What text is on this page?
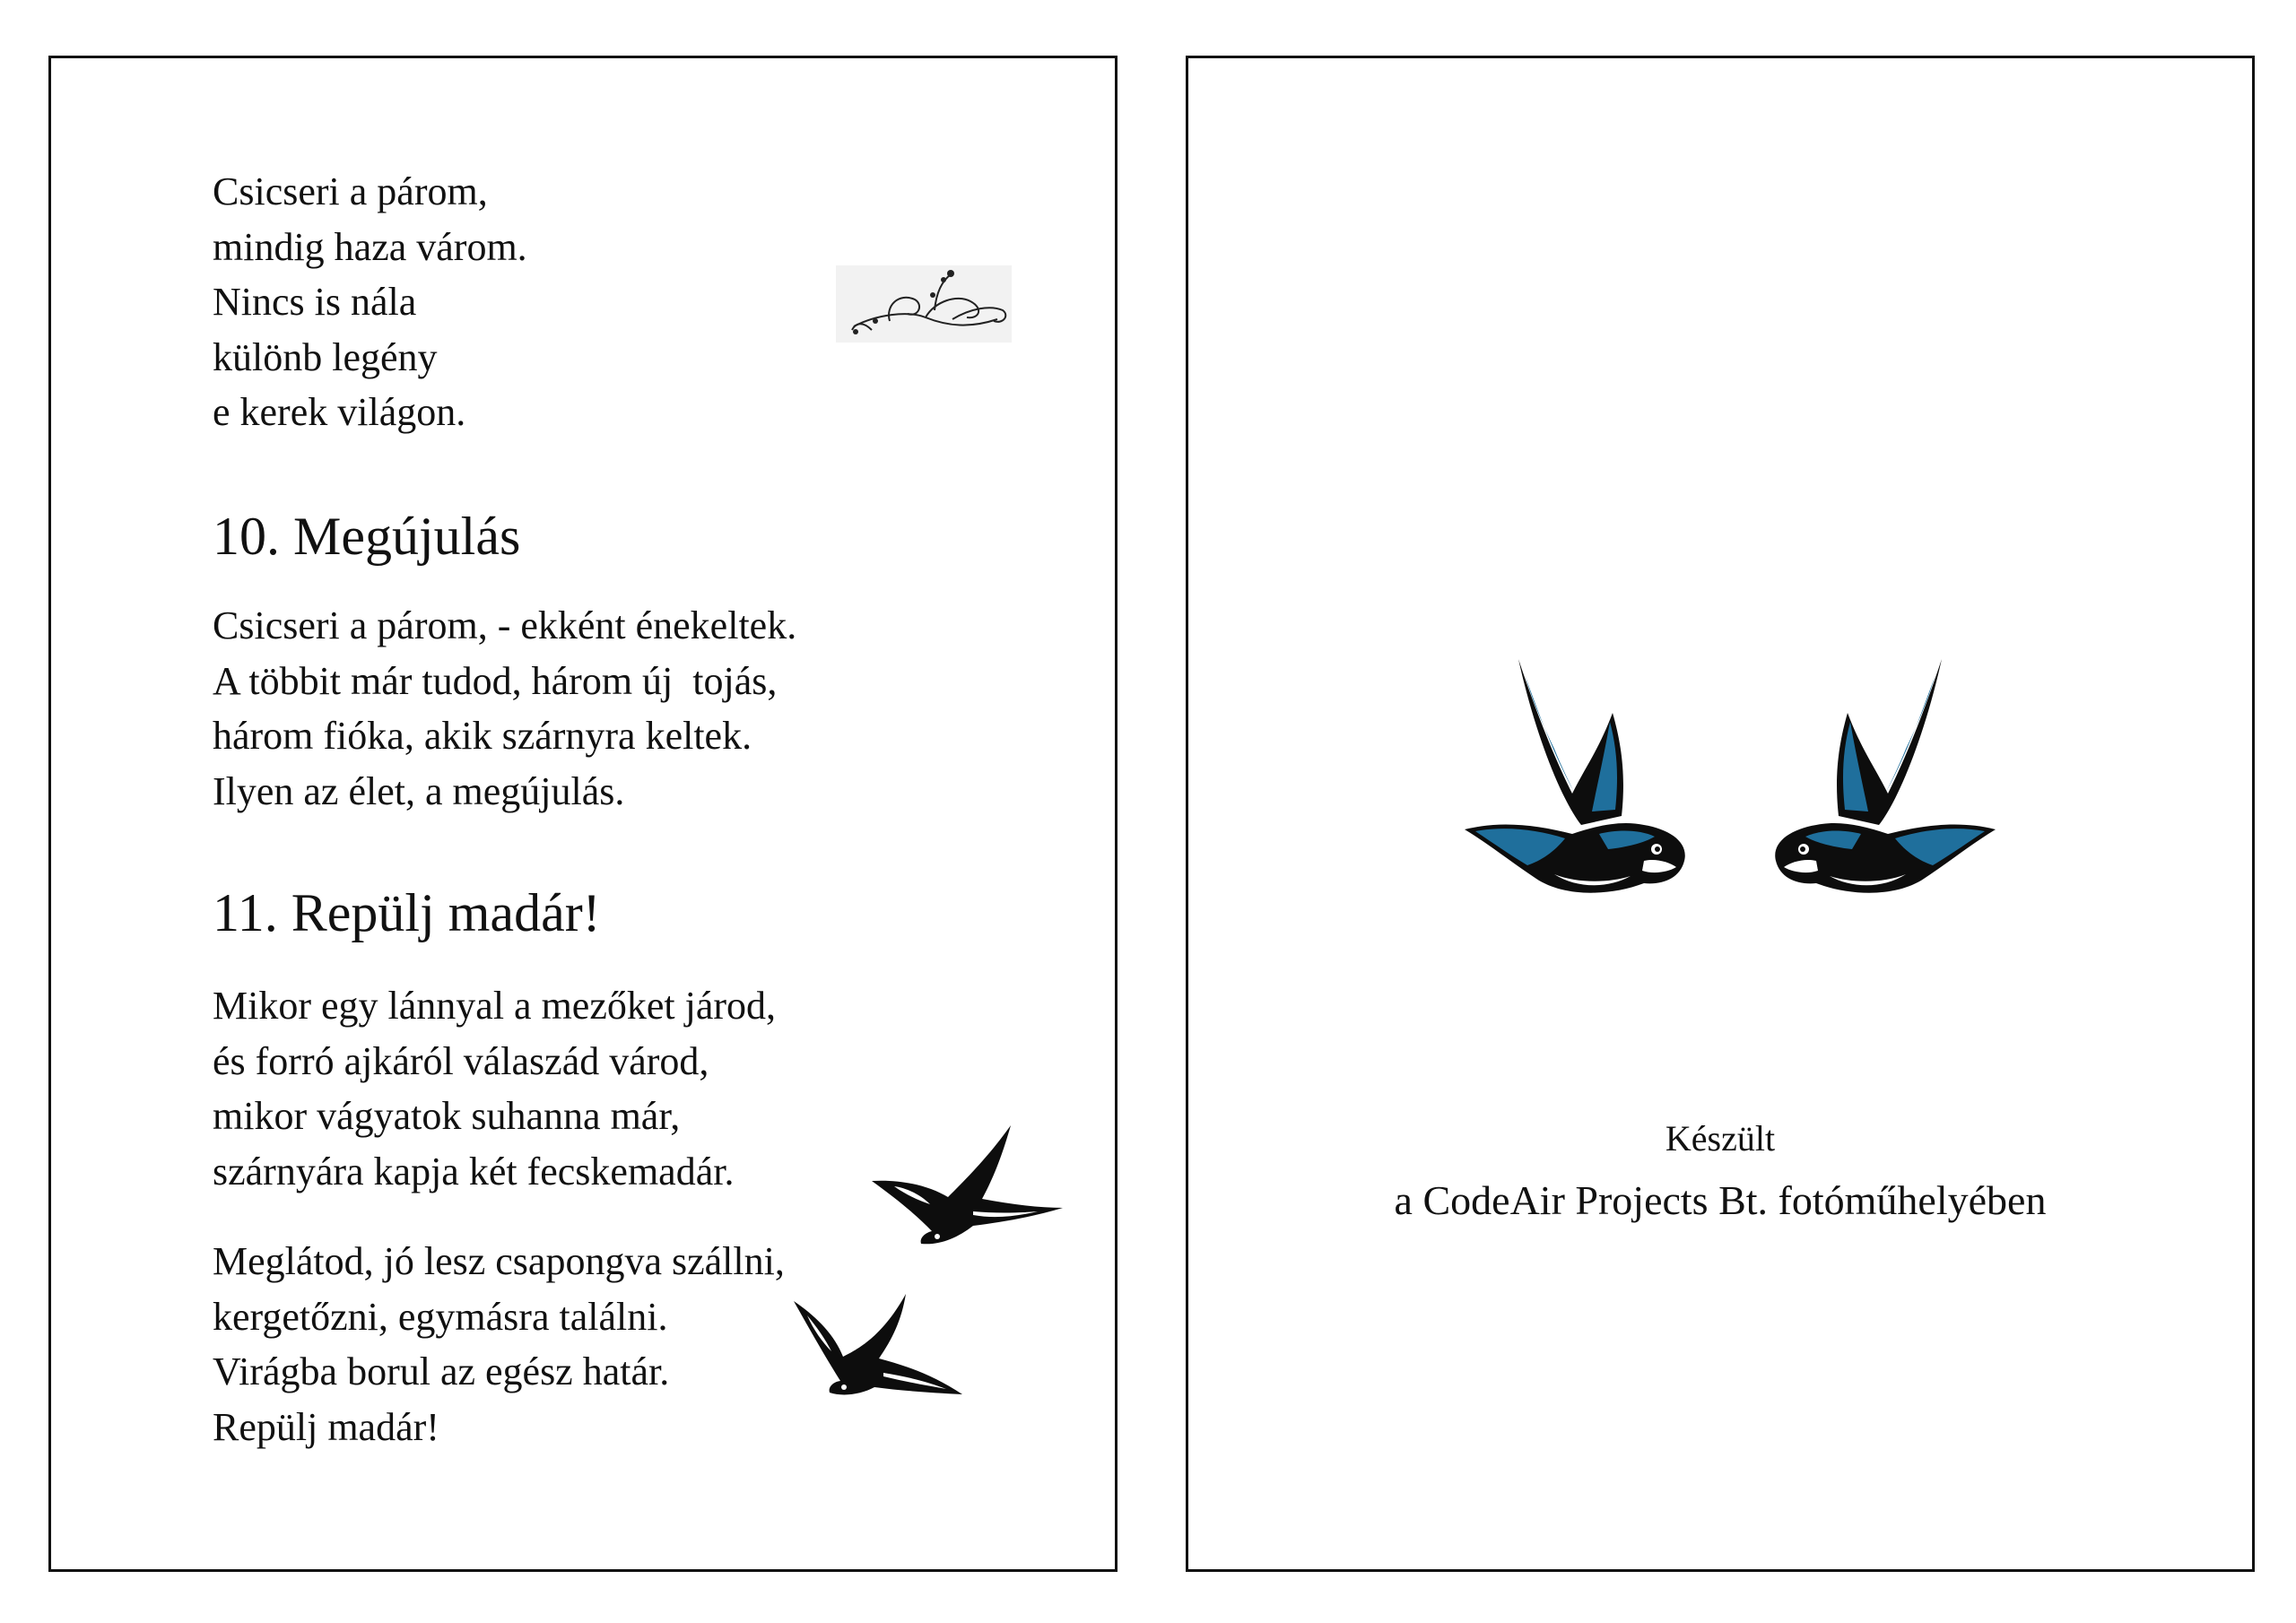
Csicseri a párom,
mindig haza várom.
Nincs is nála
különb legény
e kerek világon.
10. Megújulás
Csicseri a párom, - ekként énekeltek.
A többit már tudod, három új  tojás,
három fióka, akik szárnyra keltek.
Ilyen az élet, a megújulás.
11. Repülj madár!
Mikor egy lánnyal a mezőket járod,
és forró ajkáról válaszád várod,
mikor vágyatok suhanna már,
szárnyára kapja két fecskemadár.
Meglátod, jó lesz csapongva szállni,
kergetőzni, egymásra találni.
Virágba borul az egész határ.
Repülj madár!

Készült

a CodeAir Projects Bt. fotóműhelyében
